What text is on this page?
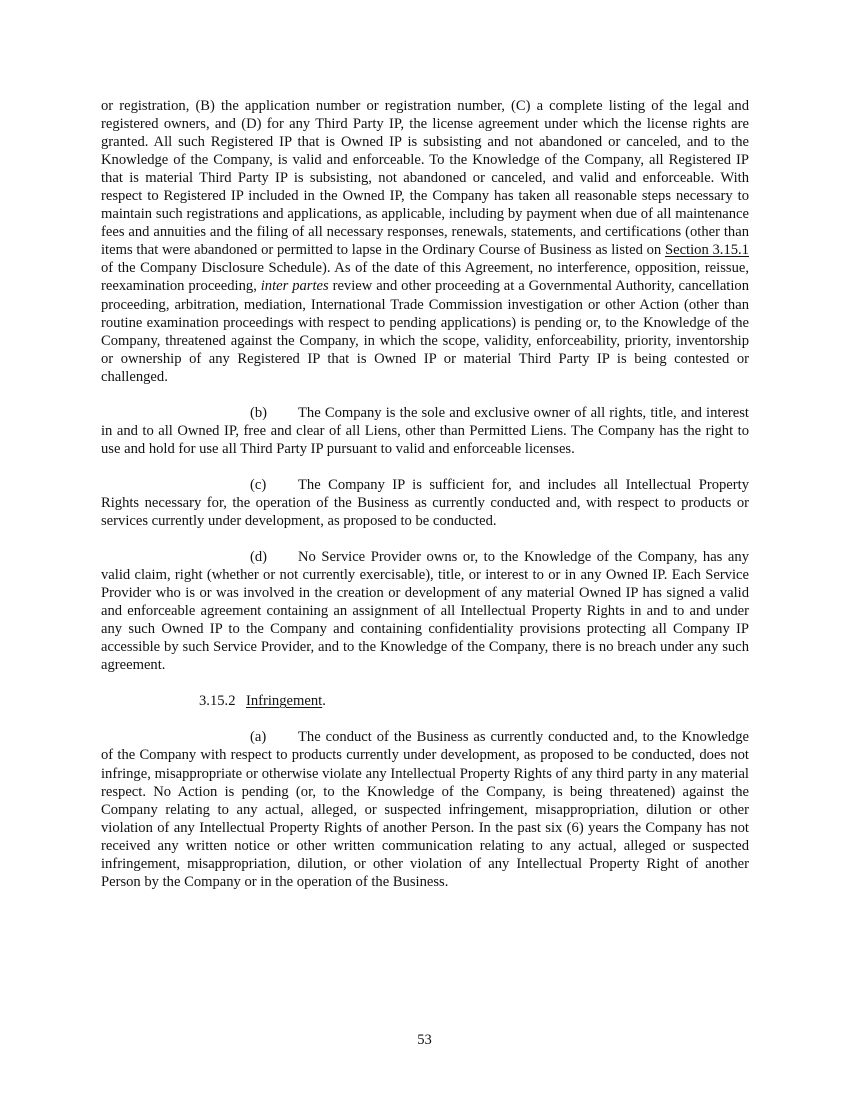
or registration, (B) the application number or registration number, (C) a complete listing of the legal and registered owners, and (D) for any Third Party IP, the license agreement under which the license rights are granted. All such Registered IP that is Owned IP is subsisting and not abandoned or canceled, and to the Knowledge of the Company, is valid and enforceable. To the Knowledge of the Company, all Registered IP that is material Third Party IP is subsisting, not abandoned or canceled, and valid and enforceable. With respect to Registered IP included in the Owned IP, the Company has taken all reasonable steps necessary to maintain such registrations and applications, as applicable, including by payment when due of all maintenance fees and annuities and the filing of all necessary responses, renewals, statements, and certifications (other than items that were abandoned or permitted to lapse in the Ordinary Course of Business as listed on Section 3.15.1 of the Company Disclosure Schedule). As of the date of this Agreement, no interference, opposition, reissue, reexamination proceeding, inter partes review and other proceeding at a Governmental Authority, cancellation proceeding, arbitration, mediation, International Trade Commission investigation or other Action (other than routine examination proceedings with respect to pending applications) is pending or, to the Knowledge of the Company, threatened against the Company, in which the scope, validity, enforceability, priority, inventorship or ownership of any Registered IP that is Owned IP or material Third Party IP is being contested or challenged.

(b) The Company is the sole and exclusive owner of all rights, title, and interest in and to all Owned IP, free and clear of all Liens, other than Permitted Liens. The Company has the right to use and hold for use all Third Party IP pursuant to valid and enforceable licenses.

(c) The Company IP is sufficient for, and includes all Intellectual Property Rights necessary for, the operation of the Business as currently conducted and, with respect to products or services currently under development, as proposed to be conducted.

(d) No Service Provider owns or, to the Knowledge of the Company, has any valid claim, right (whether or not currently exercisable), title, or interest to or in any Owned IP. Each Service Provider who is or was involved in the creation or development of any material Owned IP has signed a valid and enforceable agreement containing an assignment of all Intellectual Property Rights in and to and under any such Owned IP to the Company and containing confidentiality provisions protecting all Company IP accessible by such Service Provider, and to the Knowledge of the Company, there is no breach under any such agreement.

3.15.2 Infringement.

(a) The conduct of the Business as currently conducted and, to the Knowledge of the Company with respect to products currently under development, as proposed to be conducted, does not infringe, misappropriate or otherwise violate any Intellectual Property Rights of any third party in any material respect. No Action is pending (or, to the Knowledge of the Company, is being threatened) against the Company relating to any actual, alleged, or suspected infringement, misappropriation, dilution or other violation of any Intellectual Property Rights of another Person. In the past six (6) years the Company has not received any written notice or other written communication relating to any actual, alleged or suspected infringement, misappropriation, dilution, or other violation of any Intellectual Property Right of another Person by the Company or in the operation of the Business.

53
